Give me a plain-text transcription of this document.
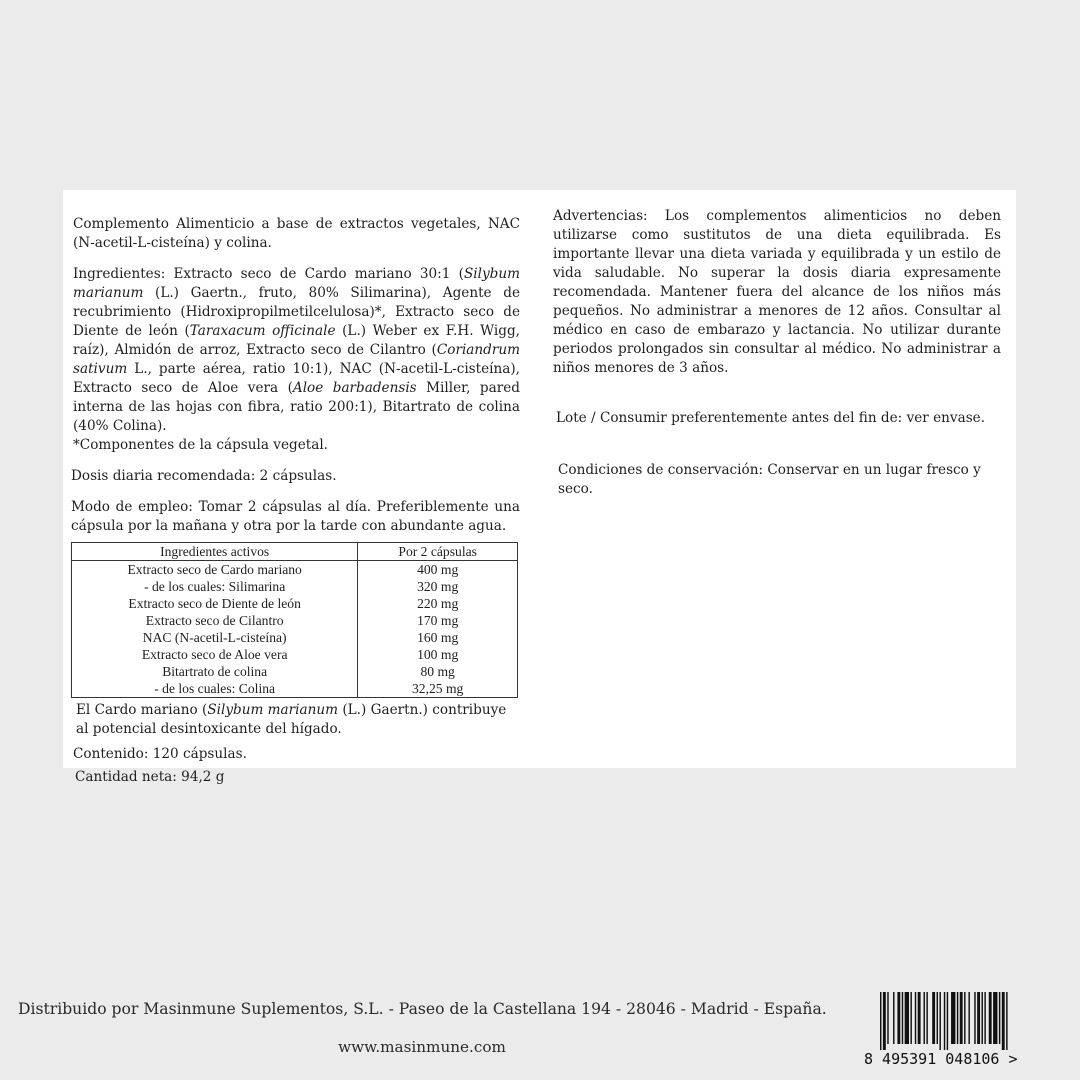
Complemento Alimenticio a base de extractos vegetales, NAC (N-acetil-L-cisteína) y colina.

Ingredientes: Extracto seco de Cardo mariano 30:1 (Silybum marianum (L.) Gaertn., fruto, 80% Silimarina), Agente de recubrimiento (Hidroxipropilmetilcelulosa)*, Extracto seco de Diente de león (Taraxacum officinale (L.) Weber ex F.H. Wigg, raíz), Almidón de arroz, Extracto seco de Cilantro (Coriandrum sativum L., parte aérea, ratio 10:1), NAC (N-acetil-L-cisteína), Extracto seco de Aloe vera (Aloe barbadensis Miller, pared interna de las hojas con fibra, ratio 200:1), Bitartrato de colina (40% Colina).

*Componentes de la cápsula vegetal.

Dosis diaria recomendada: 2 cápsulas.

Modo de empleo: Tomar 2 cápsulas al día. Preferiblemente una cápsula por la mañana y otra por la tarde con abundante agua.

Ingredientes activos	Por 2 cápsulas
Extracto seco de Cardo mariano	400 mg
- de los cuales: Silimarina	320 mg
Extracto seco de Diente de león	220 mg
Extracto seco de Cilantro	170 mg
NAC (N-acetil-L-cisteína)	160 mg
Extracto seco de Aloe vera	100 mg
Bitartrato de colina	80 mg
- de los cuales: Colina	32,25 mg

El Cardo mariano (Silybum marianum (L.) Gaertn.) contribuye al potencial desintoxicante del hígado.

Contenido: 120 cápsulas.

Cantidad neta: 94,2 g

Advertencias: Los complementos alimenticios no deben utilizarse como sustitutos de una dieta equilibrada. Es importante llevar una dieta variada y equilibrada y un estilo de vida saludable. No superar la dosis diaria expresamente recomendada. Mantener fuera del alcance de los niños más pequeños. No administrar a menores de 12 años. Consultar al médico en caso de embarazo y lactancia. No utilizar durante periodos prolongados sin consultar al médico. No administrar a niños menores de 3 años.

Lote / Consumir preferentemente antes del fin de: ver envase.

Condiciones de conservación: Conservar en un lugar fresco y seco.

Distribuido por Masinmune Suplementos, S.L. - Paseo de la Castellana 194 - 28046 - Madrid - España.
www.masinmune.com
8 495391 048106 >
